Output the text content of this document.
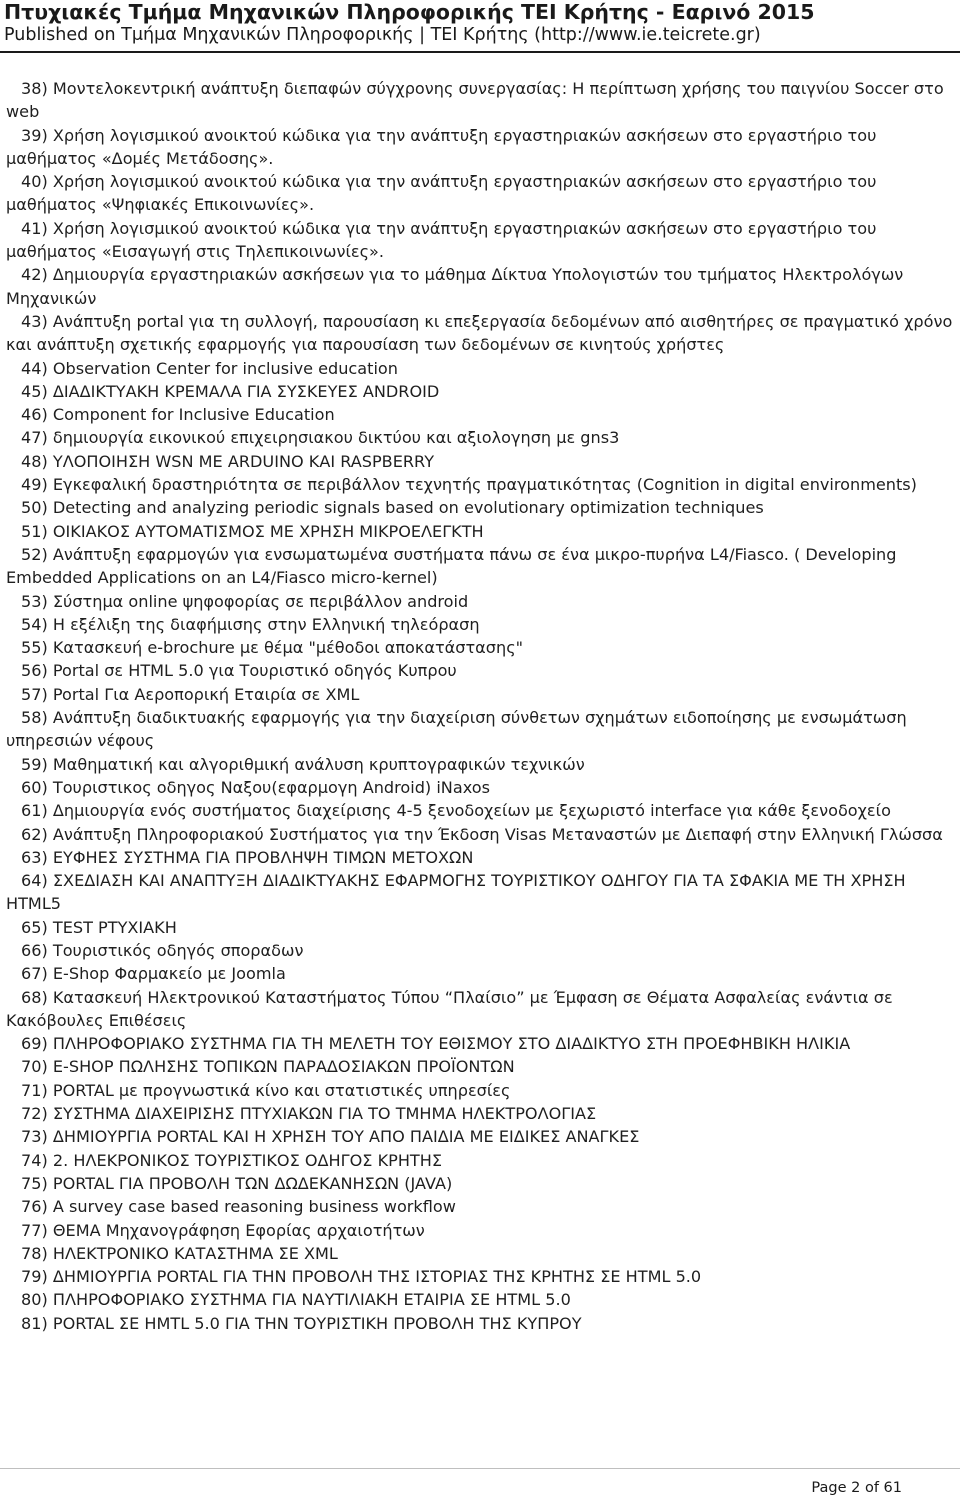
Πτυχιακές Τμήμα Μηχανικών Πληροφορικής ΤΕΙ Κρήτης - Εαρινό 2015
Published on Τμήμα Μηχανικών Πληροφορικής | ΤΕΙ Κρήτης (http://www.ie.teicrete.gr)

38) Μοντελοκεντρική ανάπτυξη διεπαφών σύγχρονης συνεργασίας: Η περίπτωση χρήσης του παιγνίου Soccer στο web

39) Χρήση λογισμικού ανοικτού κώδικα για την ανάπτυξη εργαστηριακών ασκήσεων στο εργαστήριο του μαθήματος «Δομές Μετάδοσης».

40) Χρήση λογισμικού ανοικτού κώδικα για την ανάπτυξη εργαστηριακών ασκήσεων στο εργαστήριο του μαθήματος «Ψηφιακές Επικοινωνίες».

41) Χρήση λογισμικού ανοικτού κώδικα για την ανάπτυξη εργαστηριακών ασκήσεων στο εργαστήριο του μαθήματος «Εισαγωγή στις Τηλεπικοινωνίες».

42) Δημιουργία εργαστηριακών ασκήσεων για το μάθημα Δίκτυα Υπολογιστών του τμήματος Ηλεκτρολόγων Μηχανικών

43) Ανάπτυξη portal για τη συλλογή, παρουσίαση κι επεξεργασία δεδομένων από αισθητήρες σε πραγματικό χρόνο και ανάπτυξη σχετικής εφαρμογής για παρουσίαση των δεδομένων σε κινητούς χρήστες

44) Observation Center for inclusive education

45) ΔΙΑΔΙΚΤΥΑΚΗ ΚΡΕΜΑΛΑ ΓΙΑ ΣΥΣΚΕΥΕΣ ANDROID

46) Component for Inclusive Education

47) δημιουργία εικονικού επιχειρησιακου δικτύου και αξιολογηση με gns3

48) ΥΛΟΠΟΙΗΣΗ WSN ΜΕ ARDUINO ΚΑΙ RASPBERRY

49) Εγκεφαλική δραστηριότητα σε περιβάλλον τεχνητής πραγματικότητας (Cognition in digital environments)

50) Detecting and analyzing periodic signals based on evolutionary optimization techniques

51) ΟΙΚΙΑΚΟΣ ΑΥΤΟΜΑΤΙΣΜΟΣ ΜΕ ΧΡΗΣΗ ΜΙΚΡΟΕΛΕΓΚΤΗ

52) Ανάπτυξη εφαρμογών για ενσωματωμένα συστήματα πάνω σε ένα μικρο-πυρήνα L4/Fiasco. ( Developing Embedded Applications on an L4/Fiasco micro-kernel)

53) Σύστημα online ψηφοφορίας σε περιβάλλον android

54) Η εξέλιξη της διαφήμισης στην Ελληνική τηλεόραση

55) Κατασκευή e-brochure με θέμα "μέθοδοι αποκατάστασης"

56) Portal σε HTML 5.0 για Τουριστικό οδηγός Κυπρου

57) Portal Για Αεροπορική Εταιρία σε XML

58) Ανάπτυξη διαδικτυακής εφαρμογής για την διαχείριση σύνθετων σχημάτων ειδοποίησης με ενσωμάτωση υπηρεσιών νέφους

59) Μαθηματική και αλγοριθμική ανάλυση κρυπτογραφικών τεχνικών

60) Τουριστικος οδηγος Ναξου(εφαρμογη Android) iNaxos

61) Δημιουργία ενός συστήματος διαχείρισης 4-5 ξενοδοχείων με ξεχωριστό interface για κάθε ξενοδοχείο

62) Ανάπτυξη Πληροφοριακού Συστήματος για την Έκδοση Visas Μεταναστών με Διεπαφή στην Ελληνική Γλώσσα

63) ΕΥΦΗΕΣ ΣΥΣΤΗΜΑ ΓΙΑ ΠΡΟΒΛΗΨΗ ΤΙΜΩΝ ΜΕΤΟΧΩΝ

64) ΣΧΕΔΙΑΣΗ ΚΑΙ ΑΝΑΠΤΥΞΗ ΔΙΑΔΙΚΤΥΑΚΗΣ ΕΦΑΡΜΟΓΗΣ ΤΟΥΡΙΣΤΙΚΟΥ ΟΔΗΓΟΥ ΓΙΑ ΤΑ ΣΦΑΚΙΑ ΜΕ ΤΗ ΧΡΗΣΗ HTML5

65) TEST ΡΤΥΧΙΑΚΗ

66) Τουριστικός οδηγός σποραδων

67) E-Shop Φαρμακείο με Joomla

68) Κατασκευή Ηλεκτρονικού Καταστήματος Τύπου “Πλαίσιο” με Έμφαση σε Θέματα Ασφαλείας ενάντια σε Κακόβουλες Επιθέσεις

69) ΠΛΗΡΟΦΟΡΙΑΚΟ ΣΥΣΤΗΜΑ ΓΙΑ ΤΗ ΜΕΛΕΤΗ ΤΟΥ ΕΘΙΣΜΟΥ ΣΤΟ ΔΙΑΔΙΚΤΥΟ ΣΤΗ ΠΡΟΕΦΗΒΙΚΗ ΗΛΙΚΙΑ

70) E-SHOP ΠΩΛΗΣΗΣ ΤΟΠΙΚΩΝ ΠΑΡΑΔΟΣΙΑΚΩΝ ΠΡΟΪΟΝΤΩΝ

71) PORTAL με προγνωστικά κίνο και στατιστικές υπηρεσίες

72) ΣΥΣΤΗΜΑ ΔΙΑΧΕΙΡΙΣΗΣ ΠΤΥΧΙΑΚΩΝ ΓΙΑ ΤΟ ΤΜΗΜΑ ΗΛΕΚΤΡΟΛΟΓΙΑΣ

73) ΔΗΜΙΟΥΡΓΙΑ PORTAL ΚΑΙ Η ΧΡΗΣΗ ΤΟΥ ΑΠΟ ΠΑΙΔΙΑ ΜΕ ΕΙΔΙΚΕΣ ΑΝΑΓΚΕΣ

74) 2. ΗΛΕΚΡΟΝΙΚΟΣ ΤΟΥΡΙΣΤΙΚΟΣ ΟΔΗΓΟΣ ΚΡΗΤΗΣ

75) PORTAL ΓΙΑ ΠΡΟΒΟΛΗ ΤΩΝ ΔΩΔΕΚΑΝΗΣΩΝ (JAVA)

76) A survey case based reasoning business workflow

77) ΘΕΜΑ Μηχανογράφηση Εφορίας αρχαιοτήτων

78) ΗΛΕΚΤΡΟΝΙΚΟ ΚΑΤΑΣΤΗΜΑ ΣΕ XML

79) ΔΗΜΙΟΥΡΓΙΑ PORTAL ΓΙΑ ΤΗΝ ΠΡΟΒΟΛΗ ΤΗΣ ΙΣΤΟΡΙΑΣ ΤΗΣ ΚΡΗΤΗΣ ΣΕ HTML 5.0

80) ΠΛΗΡΟΦΟΡΙΑΚΟ ΣΥΣΤΗΜΑ ΓΙΑ ΝΑΥΤΙΛΙΑΚΗ ΕΤΑΙΡΙΑ ΣΕ HTML 5.0

81) PORTAL ΣΕ HMTL 5.0 ΓΙΑ ΤΗΝ ΤΟΥΡΙΣΤΙΚΗ ΠΡΟΒΟΛΗ ΤΗΣ ΚΥΠΡΟΥ

Page 2 of 61
